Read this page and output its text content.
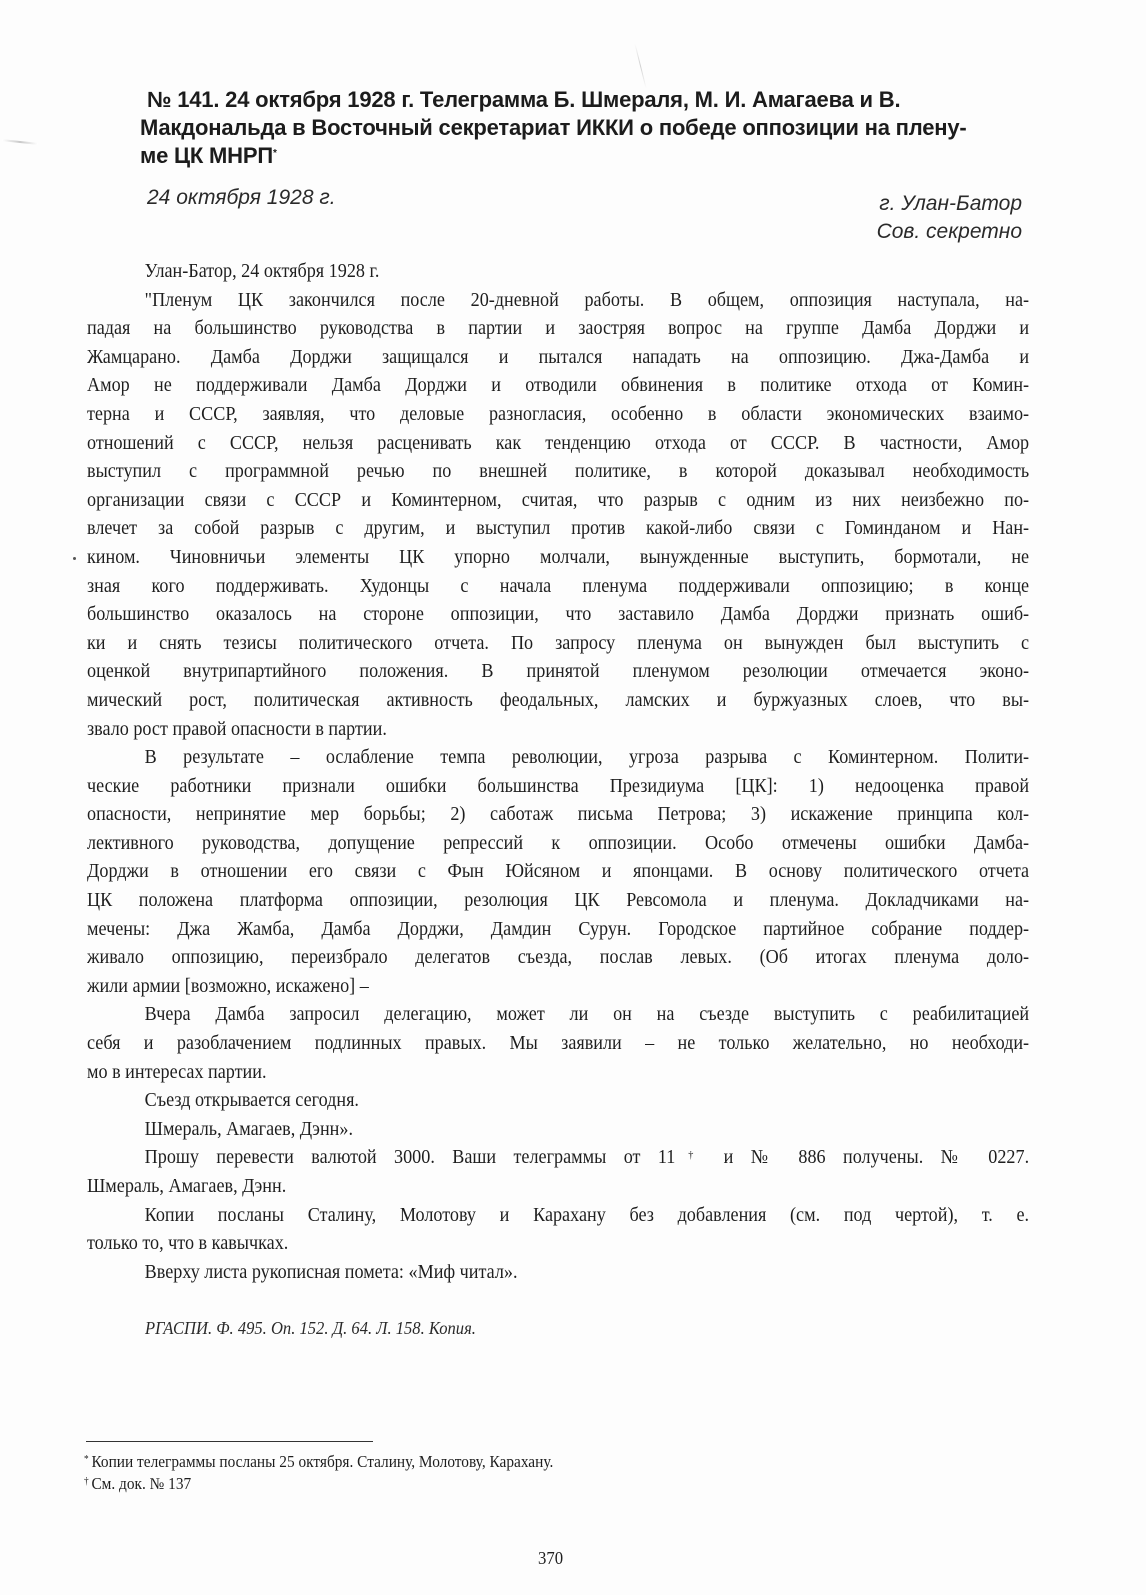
№ 141. 24 октября 1928 г. Телеграмма Б. Шмераля, М. И. Амагаева и В.
Макдональда в Восточный секретариат ИККИ о победе оппозиции на плену-
ме ЦК МНРП*
24 октября 1928 г.	г. Улан-Батор
Сов. секретно
Улан-Батор, 24 октября 1928 г.
"Пленум ЦК закончился после 20-дневной работы. В общем, оппозиция наступала, на-
падая на большинство руководства в партии и заостряя вопрос на группе Дамба Дорджи и
Жамцарано. Дамба Дорджи защищался и пытался нападать на оппозицию. Джа-Дамба и
Амор не поддерживали Дамба Дорджи и отводили обвинения в политике отхода от Комин-
терна и СССР, заявляя, что деловые разногласия, особенно в области экономических взаимо-
отношений с СССР, нельзя расценивать как тенденцию отхода от СССР. В частности, Амор
выступил с программной речью по внешней политике, в которой доказывал необходимость
организации связи с СССР и Коминтерном, считая, что разрыв с одним из них неизбежно по-
влечет за собой разрыв с другим, и выступил против какой-либо связи с Гоминданом и Нан-
кином. Чиновничьи элементы ЦК упорно молчали, вынужденные выступить, бормотали, не
зная кого поддерживать. Худонцы с начала пленума поддерживали оппозицию; в конце
большинство оказалось на стороне оппозиции, что заставило Дамба Дорджи признать ошиб-
ки и снять тезисы политического отчета. По запросу пленума он вынужден был выступить с
оценкой внутрипартийного положения. В принятой пленумом резолюции отмечается эконо-
мический рост, политическая активность феодальных, ламских и буржуазных слоев, что вы-
звало рост правой опасности в партии.
В результате – ослабление темпа революции, угроза разрыва с Коминтерном. Полити-
ческие работники признали ошибки большинства Президиума [ЦК]: 1) недооценка правой
опасности, непринятие мер борьбы; 2) саботаж письма Петрова; 3) искажение принципа кол-
лективного руководства, допущение репрессий к оппозиции. Особо отмечены ошибки Дамба-
Дорджи в отношении его связи с Фын Юйсяном и японцами. В основу политического отчета
ЦК положена платформа оппозиции, резолюция ЦК Ревсомола и пленума. Докладчиками на-
мечены: Джа Жамба, Дамба Дорджи, Дамдин Сурун. Городское партийное собрание поддер-
живало оппозицию, переизбрало делегатов съезда, послав левых. (Об итогах пленума доло-
жили армии [возможно, искажено] –
Вчера Дамба запросил делегацию, может ли он на съезде выступить с реабилитацией
себя и разоблачением подлинных правых. Мы заявили – не только желательно, но необходи-
мо в интересах партии.
Съезд открывается сегодня.
Шмераль, Амагаев, Дэнн».
Прошу перевести валютой 3000. Ваши телеграммы от 11† и № 886 получены. № 0227.
Шмераль, Амагаев, Дэнн.
Копии посланы Сталину, Молотову и Карахану без добавления (см. под чертой), т. е.
только то, что в кавычках.
Вверху листа рукописная помета: «Миф читал».
РГАСПИ. Ф. 495. Оп. 152. Д. 64. Л. 158. Копия.
* Копии телеграммы посланы 25 октября. Сталину, Молотову, Карахану.
† См. док. № 137
370
